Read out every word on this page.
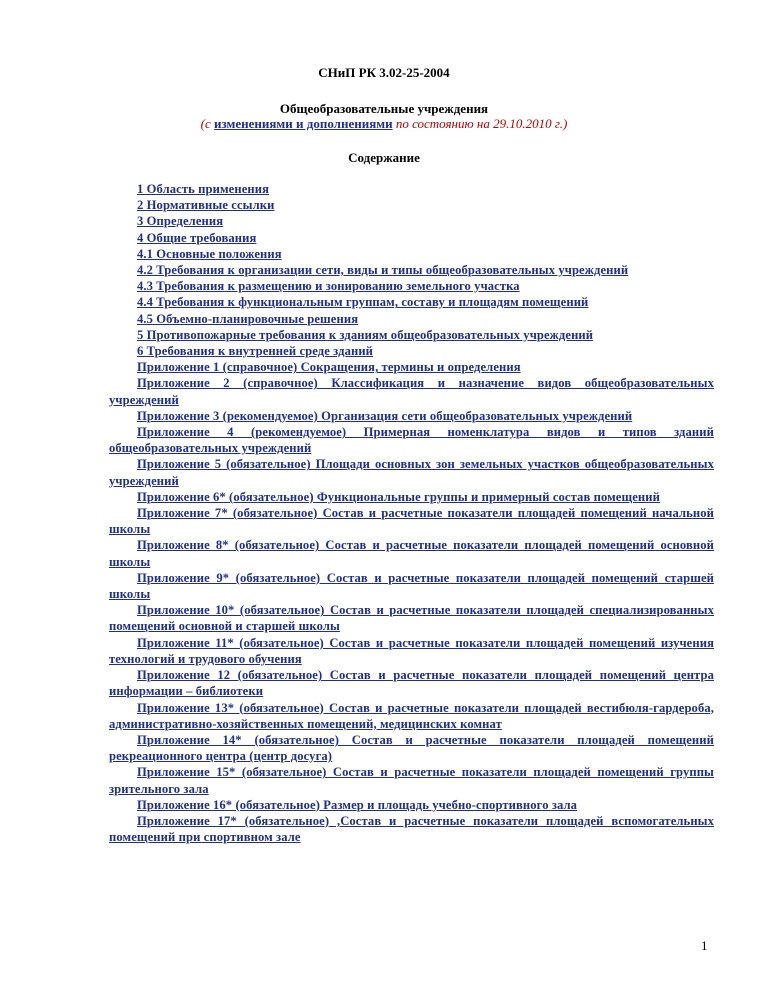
СНиП РК 3.02-25-2004
Общеобразовательные учреждения
(с изменениями и дополнениями по состоянию на 29.10.2010 г.)
Содержание
1 Область применения
2 Нормативные ссылки
3 Определения
4 Общие требования
4.1 Основные положения
4.2 Требования к организации сети, виды и типы общеобразовательных учреждений
4.3 Требования к размещению и зонированию земельного участка
4.4 Требования к функциональным группам, составу и площадям помещений
4.5 Объемно-планировочные решения
5 Противопожарные требования к зданиям общеобразовательных учреждений
6 Требования к внутренней среде зданий
Приложение 1 (справочное) Сокращения, термины и определения
Приложение 2 (справочное) Классификация и назначение видов общеобразовательных учреждений
Приложение 3 (рекомендуемое) Организация сети общеобразовательных учреждений
Приложение 4 (рекомендуемое) Примерная номенклатура видов и типов зданий общеобразовательных учреждений
Приложение 5 (обязательное) Площади основных зон земельных участков общеобразовательных учреждений
Приложение 6* (обязательное) Функциональные группы и примерный состав помещений
Приложение 7* (обязательное) Состав и расчетные показатели площадей помещений начальной школы
Приложение 8* (обязательное) Состав и расчетные показатели площадей помещений основной школы
Приложение 9* (обязательное) Состав и расчетные показатели площадей помещений старшей школы
Приложение 10* (обязательное) Состав и расчетные показатели площадей специализированных помещений основной и старшей школы
Приложение 11* (обязательное) Состав и расчетные показатели площадей помещений изучения технологий и трудового обучения
Приложение 12 (обязательное) Состав и расчетные показатели площадей помещений центра информации – библиотеки
Приложение 13* (обязательное) Состав и расчетные показатели площадей вестибюля-гардероба, административно-хозяйственных помещений, медицинских комнат
Приложение 14* (обязательное) Состав и расчетные показатели площадей помещений рекреационного центра (центр досуга)
Приложение 15* (обязательное) Состав и расчетные показатели площадей помещений группы зрительного зала
Приложение 16* (обязательное) Размер и площадь учебно-спортивного зала
Приложение 17* (обязательное) ,Состав и расчетные показатели площадей вспомогательных помещений при спортивном зале
1
